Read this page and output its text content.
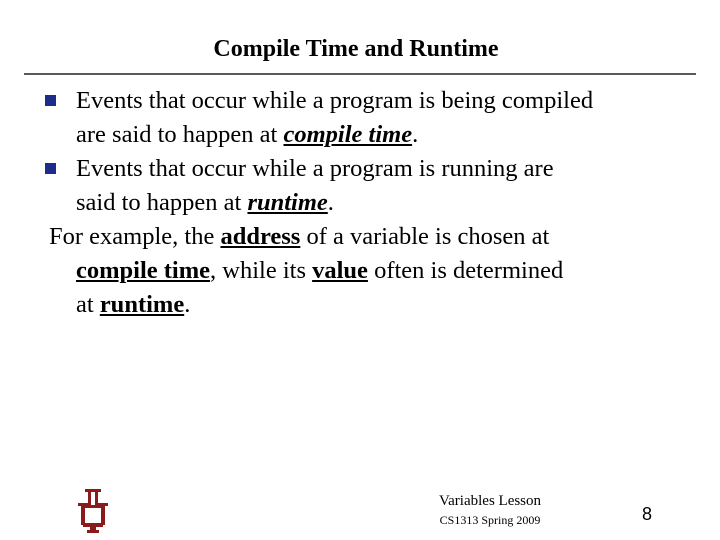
Compile Time and Runtime
Events that occur while a program is being compiled
are said to happen at compile time.
Events that occur while a program is running are
said to happen at runtime.
For example, the address of a variable is chosen at
compile time, while its value often is determined
at runtime.
Variables Lesson
CS1313 Spring 2009	8
